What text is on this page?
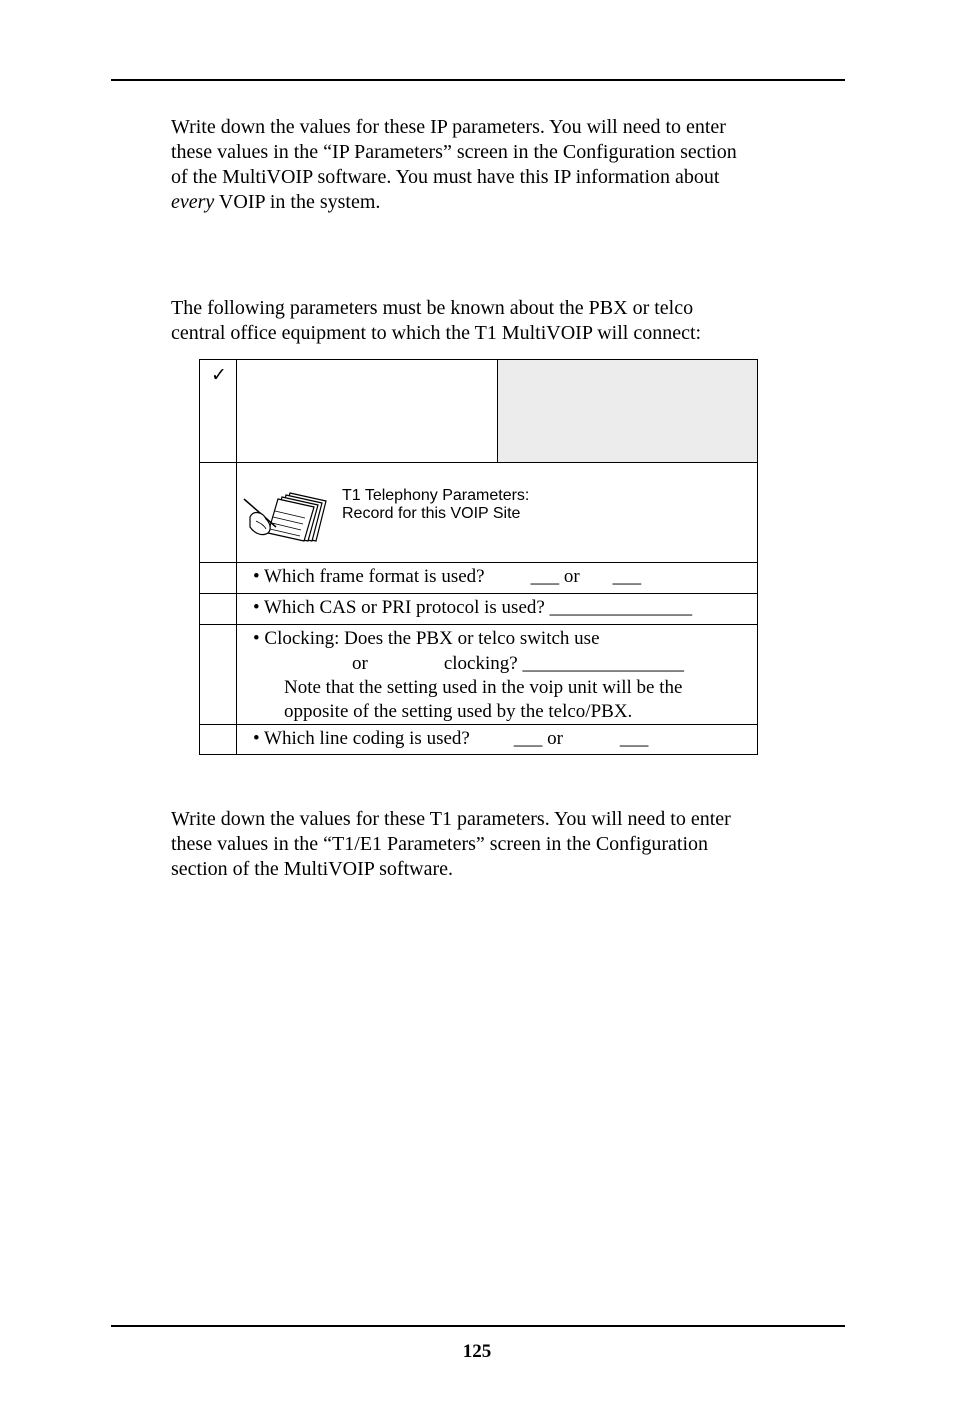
Write down the values for these IP parameters. You will need to enter
these values in the “IP Parameters” screen in the Configuration section
of the MultiVOIP software. You must have this IP information about
every VOIP in the system.

The following parameters must be known about the PBX or telco
central office equipment to which the T1 MultiVOIP will connect:

✓
T1 Telephony Parameters:
Record for this VOIP Site
• Which frame format is used? ___ or ___
• Which CAS or PRI protocol is used? _______________
• Clocking: Does the PBX or telco switch use
or	clocking? _________________
Note that the setting used in the voip unit will be the
opposite of the setting used by the telco/PBX.
• Which line coding is used? ___ or	___

Write down the values for these T1 parameters. You will need to enter
these values in the “T1/E1 Parameters” screen in the Configuration
section of the MultiVOIP software.

125
